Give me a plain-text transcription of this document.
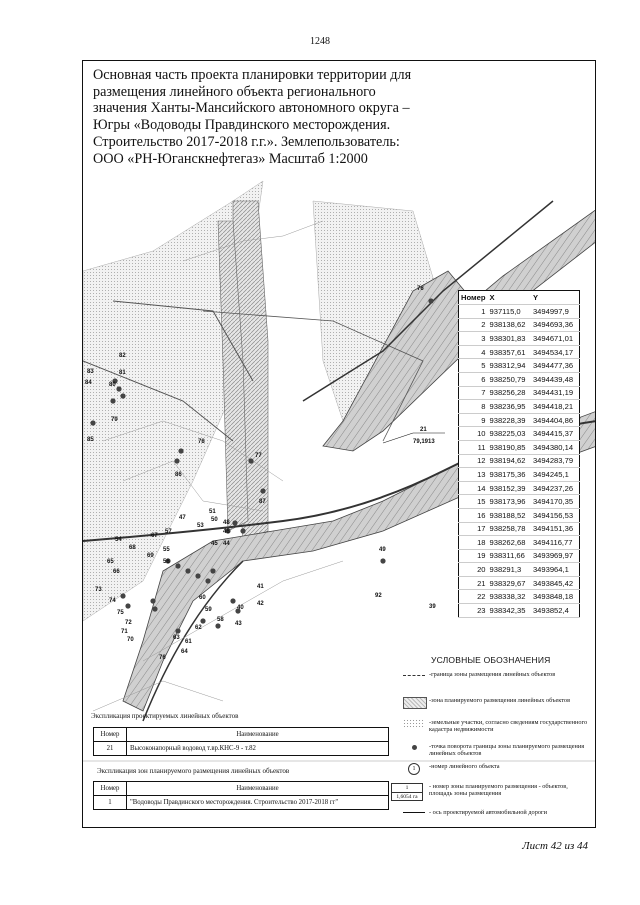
1248
76
82
81
80
83
84
79
85	78
86
77
87
47
51
50 48
53
46
45 44
54
57
67
68
69
55
56
65
66
73
74
75
72
71
70
60
59
58
62
63
61
64
76
41
40
42
43
49
92
39
21
79,1913
Основная часть проекта планировки территории для размещения линейного объекта регионального значения Ханты-Мансийского автономного округа – Югры «Водоводы Правдинского месторождения. Строительство 2017-2018 г.г.». Землепользователь: ООО «РН-Юганскнефтегаз» Масштаб 1:2000
Номер	X	Y
1	937115,0	3494997,9
2	938138,62	3494693,36
3	938301,83	3494671,01
4	938357,61	3494534,17
5	938312,94	3494477,36
6	938250,79	3494439,48
7	938256,28	3494431,19
8	938236,95	3494418,21
9	938228,39	3494404,86
10	938225,03	3494415,37
11	938190,85	3494380,14
12	938194,62	3494283,79
13	938175,36	3494245,1
14	938152,39	3494237,26
15	938173,96	3494170,35
16	938188,52	3494156,53
17	938258,78	3494151,36
18	938262,68	3494116,77
19	938311,66	3493969,97
20	938291,3	3493964,1
21	938329,67	3493845,42
22	938338,32	3493848,18
23	938342,35	3493852,4
УСЛОВНЫЕ ОБОЗНАЧЕНИЯ
-граница зоны размещения линейных объектов
-зона планируемого размещения линейных объектов
-земельные участки, согласно сведениям государственного кадастра недвижимости
-точка поворота границы зоны планируемого размещения линейных объектов
1	-номер линейного объекта
1
1,6054 га
- номер зоны планируемого размещения - объектов, площадь зоны размещения
- ось проектируемой автомобильной дороги
Экспликация проектируемых линейных объектов
Номер	Наименование
21	Высоконапорный водовод т.вр.КНС-9 - т.82
Экспликация зон планируемого размещения линейных объектов
Номер	Наименование
1	"Водоводы Правдинского месторождения. Строительство 2017-2018 гг"
Лист 42 из 44
